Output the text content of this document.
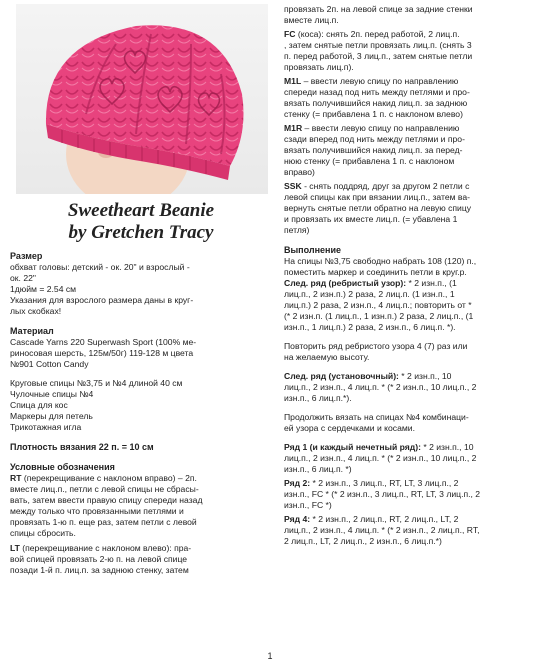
Sweetheart Beanie
by Gretchen Tracy

Размер

обхват головы: детский - ок. 20" и взрослый -

ок. 22"

1дюйм = 2.54 см

Указания для взрослого размера даны в круг-

лых скобках!

Материал

Cascade Yarns 220 Superwash Sport (100% ме-

риносовая шерсть, 125м/50г) 119-128 м цвета

№901 Cotton Candy

Круговые спицы №3,75 и №4 длиной 40 см

Чулочные спицы №4

Спица для кос

Маркеры для петель

Трикотажная игла

Плотность вязания 22 п. = 10 см

Условные обозначения

RT (перекрещивание с наклоном вправо) – 2п.

вместе лиц.п., петли с левой спицы не сбрасы-

вать, затем ввести правую спицу спереди назад

между только что провязанными петлями и

провязать 1-ю п. еще раз, затем петли с левой

спицы сбросить.

LT (перекрещивание с наклоном влево): пра-

вой спицей провязать 2-ю п. на левой спице

позади 1-й п. лиц.п. за заднюю стенку, затем

провязать 2п. на левой спице за задние стенки

вместе лиц.п.

FC (коса): снять 2п. перед работой, 2 лиц.п.

, затем снятые петли провязать лиц.п. (снять 3

п. перед работой, 3 лиц.п., затем снятые петли

провязать лиц.п).

M1L – ввести левую спицу по направлению

спереди назад под нить между петлями и про-

вязать получившийся накид лиц.п. за заднюю

стенку (= прибавлена 1 п. с наклоном влево)

M1R – ввести левую спицу по направлению

сзади вперед под нить между петлями и про-

вязать получившийся накид лиц.п. за перед-

нюю стенку (= прибавлена 1 п. с наклоном

вправо)

SSK - снять поддряд, друг за другом 2 петли с

левой спицы как при вязании лиц.п., затем ва-

вернуть снятые петли обратно на левую спицу

и провязать их вместе лиц.п. (= убавлена 1

петля)

Выполнение

На спицы №3,75 свободно набрать 108 (120) п.,

поместить маркер и соединить петли в круг.р.

След. ряд (ребристый узор): * 2 изн.п., (1

лиц.п., 2 изн.п.) 2 раза, 2 лиц.п. (1 изн.п., 1

лиц.п.) 2 раза, 2 изн.п., 4 лиц.п.; повторить от *

(* 2 изн.п. (1 лиц.п., 1 изн.п.) 2 раза, 2 лиц.п., (1

изн.п., 1 лиц.п.) 2 раза, 2 изн.п., 6 лиц.п. *).

Повторить ряд ребристого узора 4 (7) раз или

на желаемую высоту.

След. ряд (установочный): * 2 изн.п., 10

лиц.п., 2 изн.п., 4 лиц.п. * (* 2 изн.п., 10 лиц.п., 2

изн.п., 6 лиц.п.*).

Продолжить вязать на спицах №4 комбинаци-

ей узора с сердечками и косами.

Ряд 1 (и каждый нечетный ряд): * 2 изн.п., 10

лиц.п., 2 изн.п., 4 лиц.п. * (* 2 изн.п., 10 лиц.п., 2

изн.п., 6 лиц.п. *)

Ряд 2: * 2 изн.п., 3 лиц.п., RT, LT, 3 лиц.п., 2

изн.п., FC * (* 2 изн.п., 3 лиц.п., RT, LT, 3 лиц.п., 2

изн.п., FC *)

Ряд 4: * 2 изн.п., 2 лиц.п., RT, 2 лиц.п., LT, 2

лиц.п., 2 изн.п., 4 лиц.п. * (* 2 изн.п., 2 лиц.п., RT,

2 лиц.п., LT, 2 лиц.п., 2 изн.п., 6 лиц.п.*)

1
